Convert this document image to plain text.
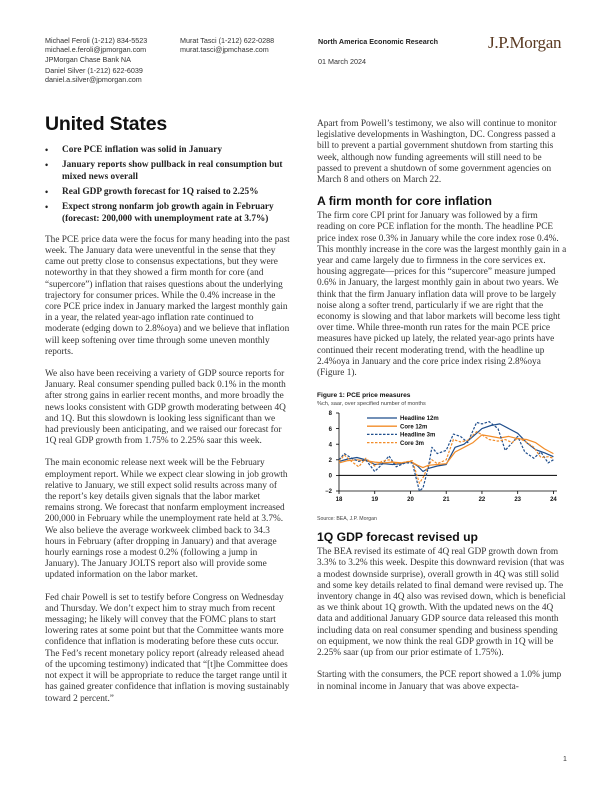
Michael Feroli (1-212) 834-5523
michael.e.feroli@jpmorgan.com
JPMorgan Chase Bank NA
Daniel Silver (1-212) 622-6039
daniel.a.silver@jpmorgan.com
Murat Tasci (1-212) 622-0288
murat.tasci@jpmchase.com
North America Economic Research
01 March 2024
J.P.Morgan
United States
• Core PCE inflation was solid in January
• January reports show pullback in real consumption but mixed news overall
• Real GDP growth forecast for 1Q raised to 2.25%
• Expect strong nonfarm job growth again in February (forecast: 200,000 with unemployment rate at 3.7%)

The PCE price data were the focus for many heading into the past week. The January data were uneventful in the sense that they came out pretty close to consensus expectations, but they were noteworthy in that they showed a firm month for core (and “supercore”) inflation that raises questions about the underlying trajectory for consumer prices. While the 0.4% increase in the core PCE price index in January marked the largest monthly gain in a year, the related year-ago inflation rate continued to moderate (edging down to 2.8%oya) and we believe that inflation will keep softening over time through some uneven monthly reports.

We also have been receiving a variety of GDP source reports for January. Real consumer spending pulled back 0.1% in the month after strong gains in earlier recent months, and more broadly the news looks consistent with GDP growth moderating between 4Q and 1Q. But this slowdown is looking less significant than we had previously been anticipating, and we raised our forecast for 1Q real GDP growth from 1.75% to 2.25% saar this week.

The main economic release next week will be the February employment report. While we expect clear slowing in job growth relative to January, we still expect solid results across many of the report’s key details given signals that the labor market remains strong. We forecast that nonfarm employment increased 200,000 in February while the unemployment rate held at 3.7%. We also believe the average workweek climbed back to 34.3 hours in February (after dropping in January) and that average hourly earnings rose a modest 0.2% (following a jump in January). The January JOLTS report also will provide some updated information on the labor market.

Fed chair Powell is set to testify before Congress on Wednesday and Thursday. We don’t expect him to stray much from recent messaging; he likely will convey that the FOMC plans to start lowering rates at some point but that the Committee wants more confidence that inflation is moderating before these cuts occur. The Fed’s recent monetary policy report (already released ahead of the upcoming testimony) indicated that “[t]he Committee does not expect it will be appropriate to reduce the target range until it has gained greater confidence that inflation is moving sustainably toward 2 percent.”

Apart from Powell’s testimony, we also will continue to monitor legislative developments in Washington, DC. Congress passed a bill to prevent a partial government shutdown from starting this week, although now funding agreements will still need to be passed to prevent a shutdown of some government agencies on March 8 and others on March 22.

A firm month for core inflation

The firm core CPI print for January was followed by a firm reading on core PCE inflation for the month. The headline PCE price index rose 0.3% in January while the core index rose 0.4%. This monthly increase in the core was the largest monthly gain in a year and came largely due to firmness in the core services ex. housing aggregate—prices for this “supercore” measure jumped 0.6% in January, the largest monthly gain in about two years. We think that the firm January inflation data will prove to be largely noise along a softer trend, particularly if we are right that the economy is slowing and that labor markets will become less tight over time. While three-month run rates for the main PCE price measures have picked up lately, the related year-ago prints have continued their recent moderating trend, with the headline up 2.4%oya in January and the core price index rising 2.8%oya (Figure 1).

Figure 1: PCE price measures
%ch, saar, over specified number of months
8
6
4
2
0
−2
18	19	20	21	22	23	24
Headline 12m
Core 12m
Headline 3m
Core 3m
Source: BEA, J.P. Morgan
1Q GDP forecast revised up

The BEA revised its estimate of 4Q real GDP growth down from 3.3% to 3.2% this week. Despite this downward revision (that was a modest downside surprise), overall growth in 4Q was still solid and some key details related to final demand were revised up. The inventory change in 4Q also was revised down, which is beneficial as we think about 1Q growth. With the updated news on the 4Q data and additional January GDP source data released this month including data on real consumer spending and business spending on equipment, we now think the real GDP growth in 1Q will be 2.25% saar (up from our prior estimate of 1.75%).

Starting with the consumers, the PCE report showed a 1.0% jump in nominal income in January that was above expecta-

1
